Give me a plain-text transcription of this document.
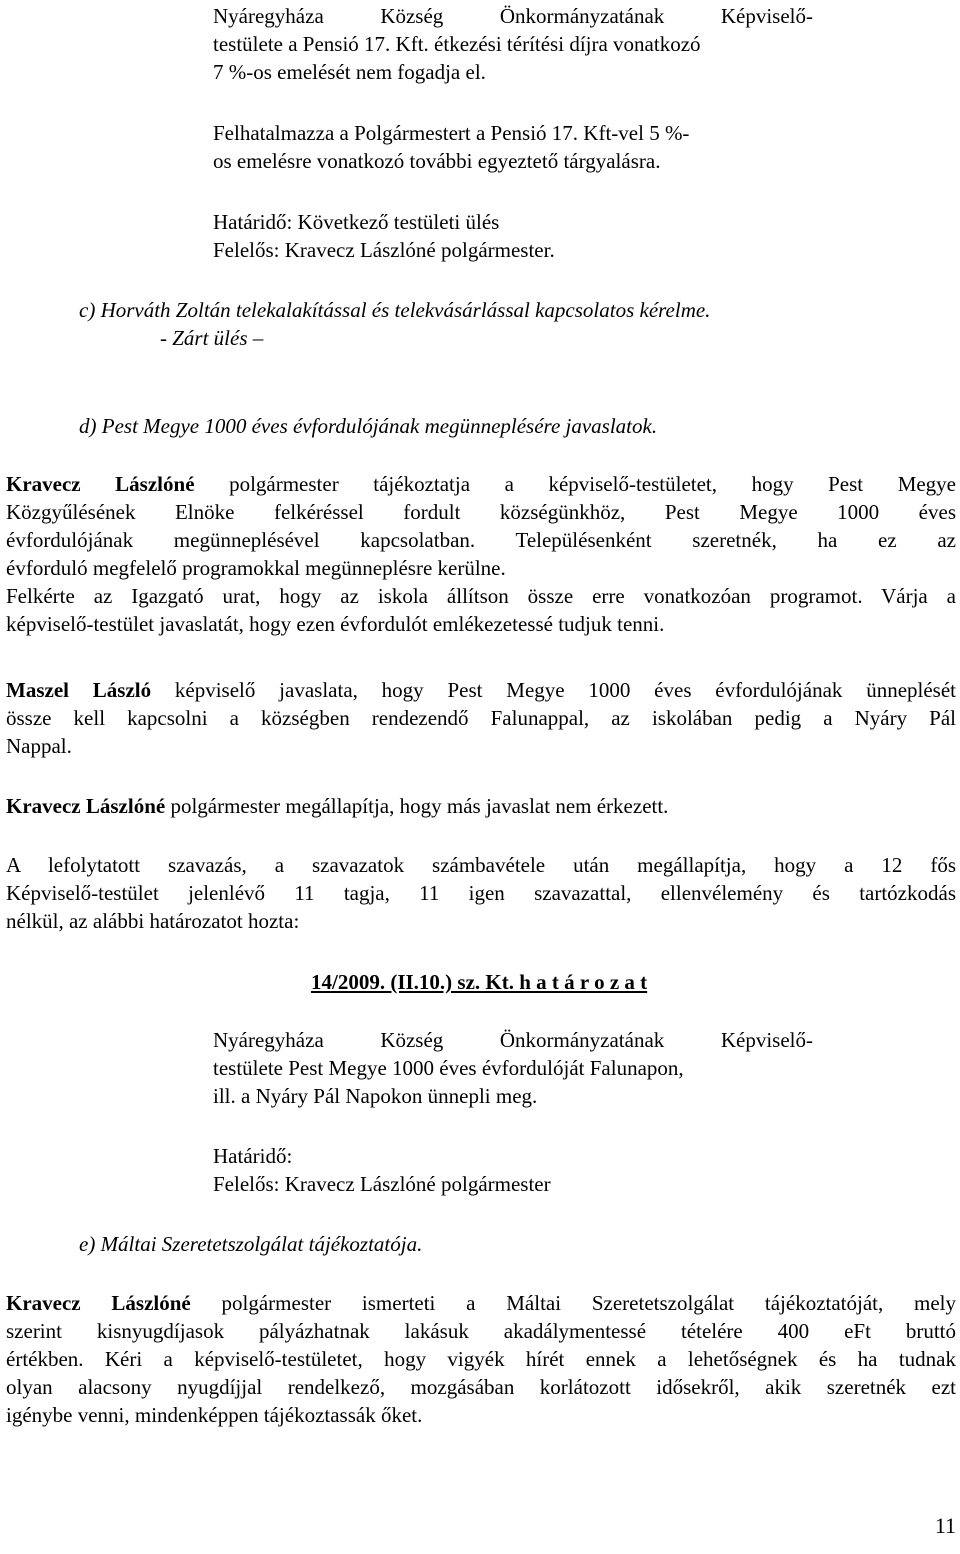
Nyáregyháza Község Önkormányzatának Képviselő-
testülete a Pensió 17. Kft. étkezési térítési díjra vonatkozó
7 %-os emelését nem fogadja el.
Felhatalmazza a Polgármestert a Pensió 17. Kft-vel 5 %-
os emelésre vonatkozó további egyeztető tárgyalásra.
Határidő: Következő testületi ülés
Felelős: Kravecz Lászlóné polgármester.
c) Horváth Zoltán telekalakítással és telekvásárlással kapcsolatos kérelme.
- Zárt ülés –
d) Pest Megye 1000 éves évfordulójának megünneplésére javaslatok.
Kravecz Lászlóné polgármester tájékoztatja a képviselő-testületet, hogy Pest Megye
Közgyűlésének Elnöke felkéréssel fordult községünkhöz, Pest Megye 1000 éves
évfordulójának megünneplésével kapcsolatban. Településenként szeretnék, ha ez az
évforduló megfelelő programokkal megünneplésre kerülne.
Felkérte az Igazgató urat, hogy az iskola állítson össze erre vonatkozóan programot. Várja a
képviselő-testület javaslatát, hogy ezen évfordulót emlékezetessé tudjuk tenni.
Maszel László képviselő javaslata, hogy Pest Megye 1000 éves évfordulójának ünneplését
össze kell kapcsolni a községben rendezendő Falunappal, az iskolában pedig a Nyáry Pál
Nappal.
Kravecz Lászlóné polgármester megállapítja, hogy más javaslat nem érkezett.
A lefolytatott szavazás, a szavazatok számbavétele után megállapítja, hogy a 12 fős
Képviselő-testület jelenlévő 11 tagja, 11 igen szavazattal, ellenvélemény és tartózkodás
nélkül, az alábbi határozatot hozta:
14/2009. (II.10.) sz. Kt. h a t á r o z a t
Nyáregyháza Község Önkormányzatának Képviselő-
testülete Pest Megye 1000 éves évfordulóját Falunapon,
ill. a Nyáry Pál Napokon ünnepli meg.
Határidő:
Felelős: Kravecz Lászlóné polgármester
e) Máltai Szeretetszolgálat tájékoztatója.
Kravecz Lászlóné polgármester ismerteti a Máltai Szeretetszolgálat tájékoztatóját, mely
szerint kisnyugdíjasok pályázhatnak lakásuk akadálymentessé tételére 400 eFt bruttó
értékben. Kéri a képviselő-testületet, hogy vigyék hírét ennek a lehetőségnek és ha tudnak
olyan alacsony nyugdíjjal rendelkező, mozgásában korlátozott idősekről, akik szeretnék ezt
igénybe venni, mindenképpen tájékoztassák őket.
11
